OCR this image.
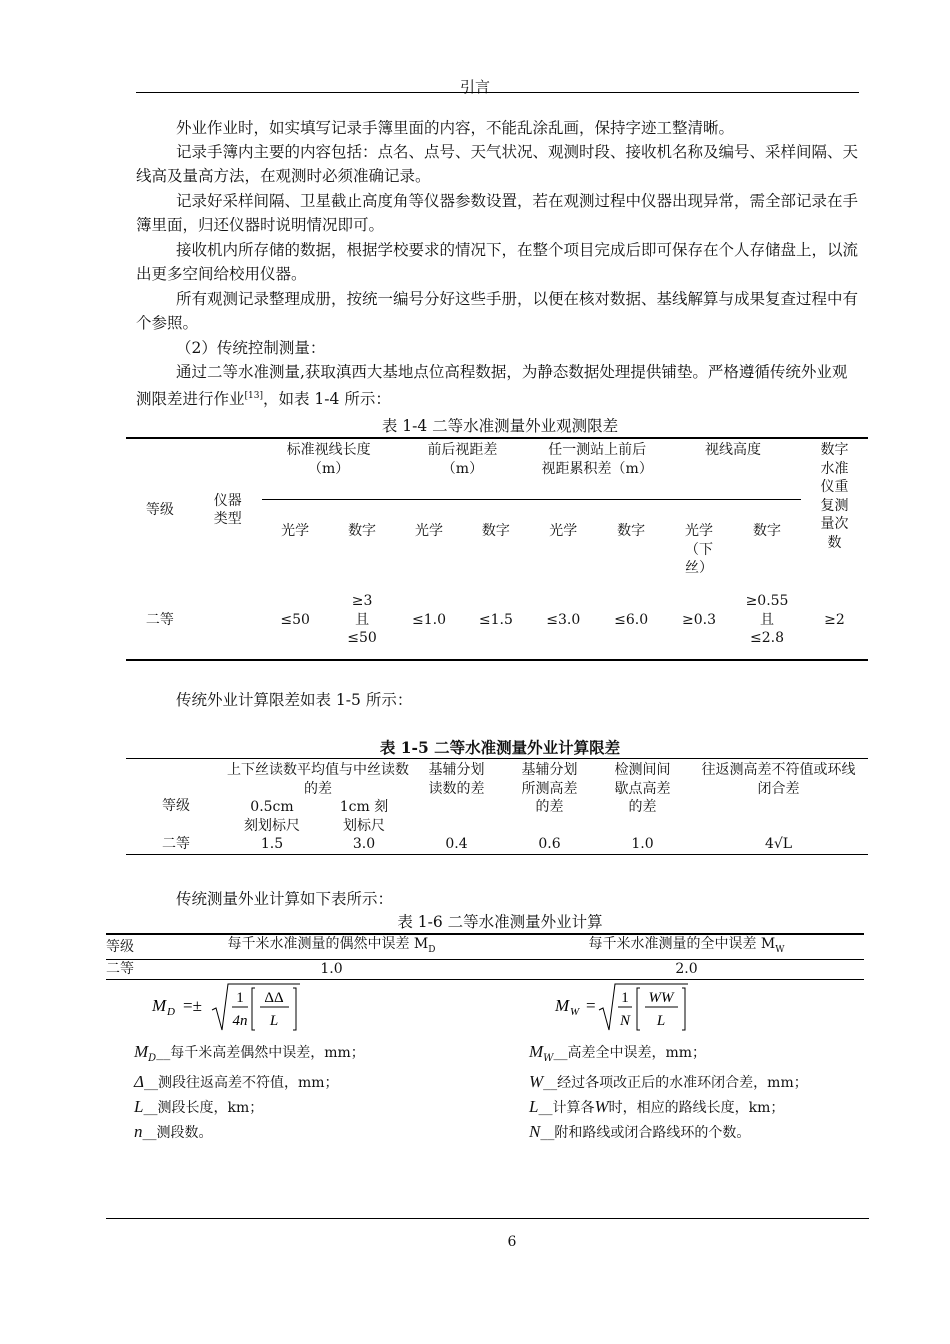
引言
外业作业时，如实填写记录手簿里面的内容，不能乱涂乱画，保持字迹工整清晰。
记录手簿内主要的内容包括：点名、点号、天气状况、观测时段、接收机名称及编号、采样间隔、天线高及量高方法，在观测时必须准确记录。
记录好采样间隔、卫星截止高度角等仪器参数设置，若在观测过程中仪器出现异常，需全部记录在手簿里面，归还仪器时说明情况即可。
接收机内所存储的数据，根据学校要求的情况下，在整个项目完成后即可保存在个人存储盘上，以流出更多空间给校用仪器。
所有观测记录整理成册，按统一编号分好这些手册，以便在核对数据、基线解算与成果复查过程中有个参照。
（2）传统控制测量：
通过二等水准测量,获取滇西大基地点位高程数据，为静态数据处理提供铺垫。严格遵循传统外业观测限差进行作业[13]，如表 1-4 所示：
表 1-4 二等水准测量外业观测限差
等级	仪器类型	标准视线长度（m）		前后视距差（m）		任一测站上前后视距累积差（m）		视线高度		数字水准仪重复测量次数
		光学	数字	光学	数字	光学	数字	光学（下丝）	数字	
二等		≤50	≥3 且≤50	≤1.0	≤1.5	≤3.0	≤6.0	≥0.3	≥0.55 且≤2.8	≥2
传统外业计算限差如表 1-5 所示：
表 1-5 二等水准测量外业计算限差
等级	上下丝读数平均值与中丝读数的差		基辅分划读数的差	基辅分划所测高差的差	检测间间歇点高差的差	往返测高差不符值或环线闭合差
	0.5cm 刻划标尺	1cm 刻划标尺				
二等	1.5	3.0	0.4	0.6	1.0	4√L
传统测量外业计算如下表所示：
表 1-6 二等水准测量外业计算
等级	每千米水准测量的偶然中误差 $M_D$	每千米水准测量的全中误差 $M_W$
二等	1.0	2.0
M D =± 1
4n
ΔΔ
L
M W = 1
N
WW
L
$M_D\_\_$每千米高差偶然中误差，mm；
Δ__测段往返高差不符值，mm；
L__测段长度，km；
n__测段数。
$M_W\_\_$高差全中误差，mm；
W__经过各项改正后的水准环闭合差，mm；
L__计算各W时，相应的路线长度，km；
N__附和路线或闭合路线环的个数。
6
